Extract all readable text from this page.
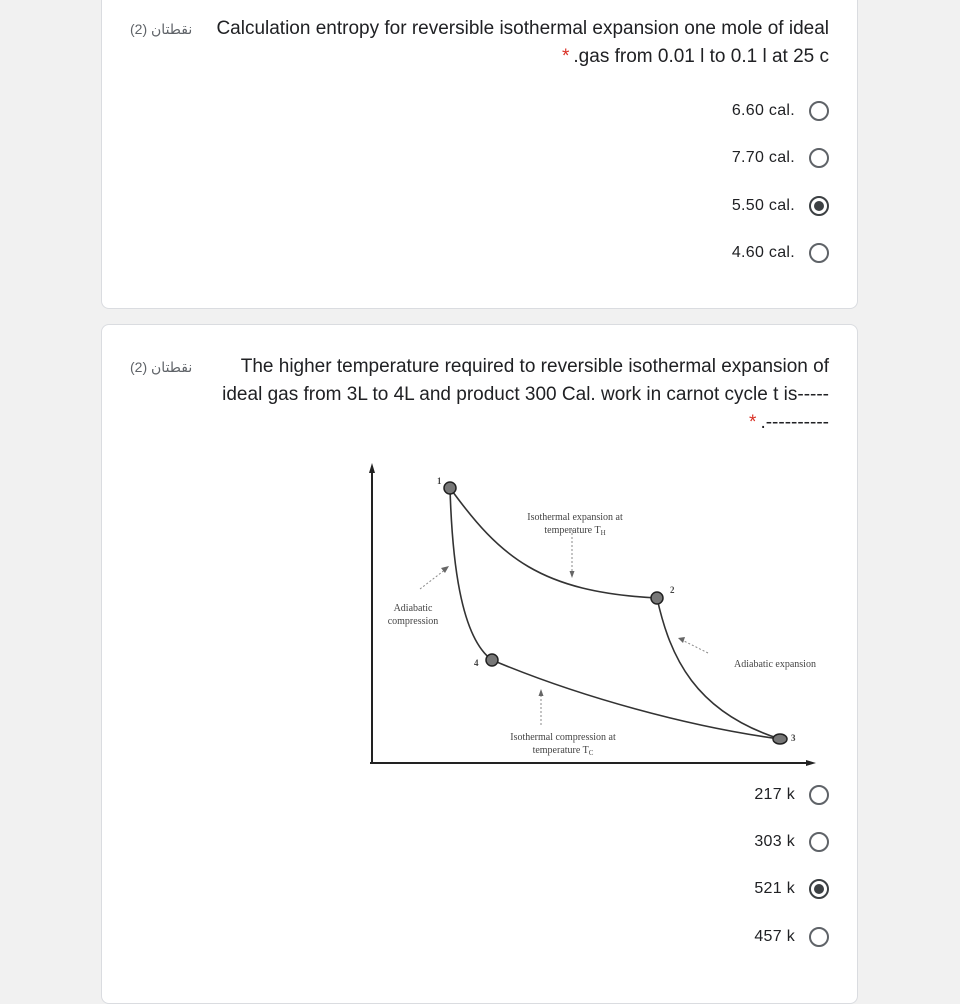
نقطتان (2)	Calculation entropy for reversible isothermal expansion one mole of ideal
* .gas from 0.01 l to 0.1 l at 25 c
6.60 cal.
7.70 cal.
5.50 cal.
4.60 cal.
نقطتان (2)	The higher temperature required to reversible isothermal expansion of
ideal gas from 3L to 4L and product 300 Cal. work in carnot cycle t is-----
* .----------
1
2
3
4
Isothermal expansion at
temperature $T_H$
Adiabatic
compression
Adiabatic expansion
Isothermal compression at
temperature $T_C$
217 k
303 k
521 k
457 k
